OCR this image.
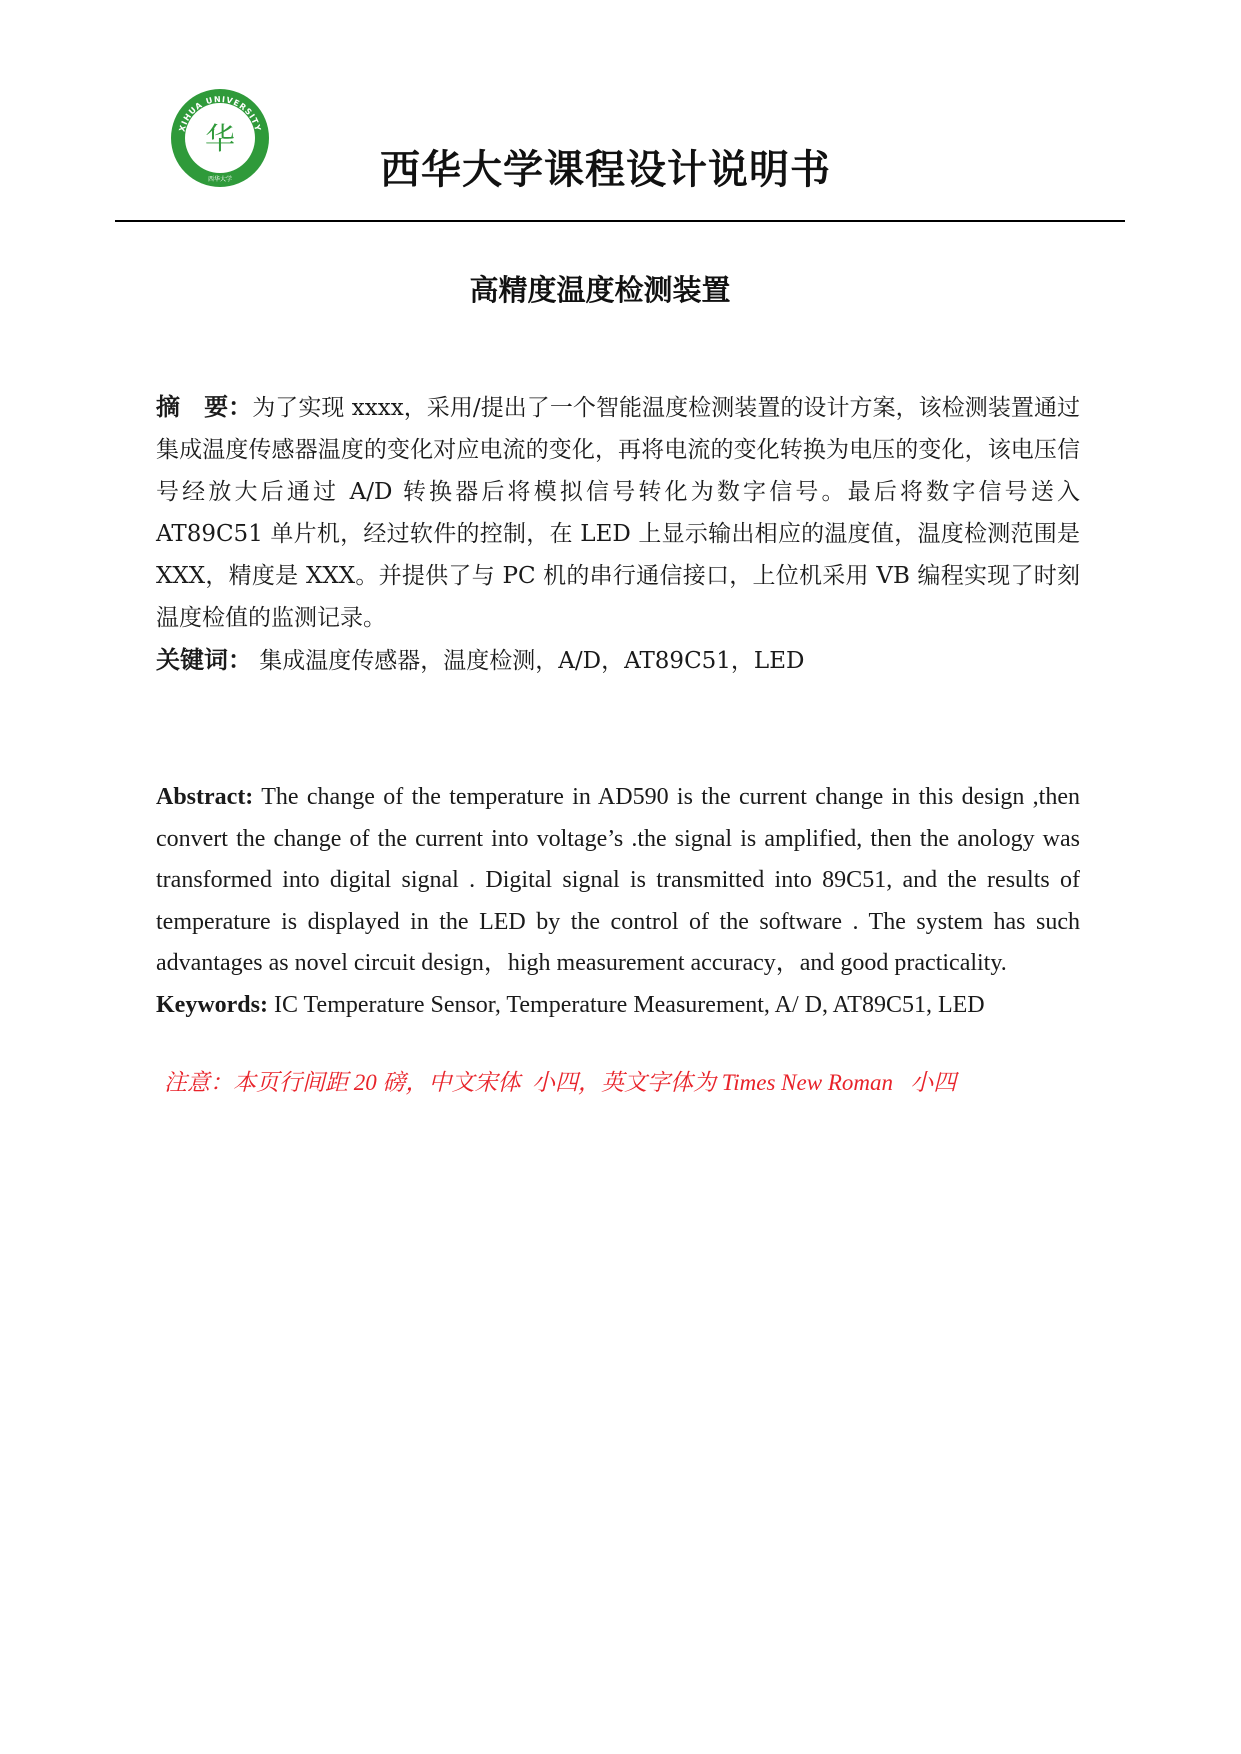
XIHUA UNIVERSITY
华
西华大学	西华大学课程设计说明书
高精度温度检测装置

摘　要：为了实现 xxxx，采用/提出了一个智能温度检测装置的设计方案，该检测装置通过集成温度传感器温度的变化对应电流的变化，再将电流的变化转换为电压的变化，该电压信号经放大后通过 A/D 转换器后将模拟信号转化为数字信号。最后将数字信号送入 AT89C51 单片机，经过软件的控制，在 LED 上显示输出相应的温度值，温度检测范围是 XXX，精度是 XXX。并提供了与 PC 机的串行通信接口，上位机采用 VB 编程实现了时刻温度检值的监测记录。

关键词： 集成温度传感器，温度检测，A/D，AT89C51，LED

Abstract: The change of the temperature in AD590 is the current change in this design ,then convert the change of the current into voltage’s .the signal is amplified, then the anology was transformed into digital signal . Digital signal is transmitted into 89C51, and the results of temperature is displayed in the LED by the control of the software . The system has such advantages as novel circuit design，high measurement accuracy，and good practicality.

Keywords: IC Temperature Sensor, Temperature Measurement, A/ D, AT89C51, LED

注意：本页行间距 20 磅，中文宋体  小四，英文字体为 Times New Roman   小四
